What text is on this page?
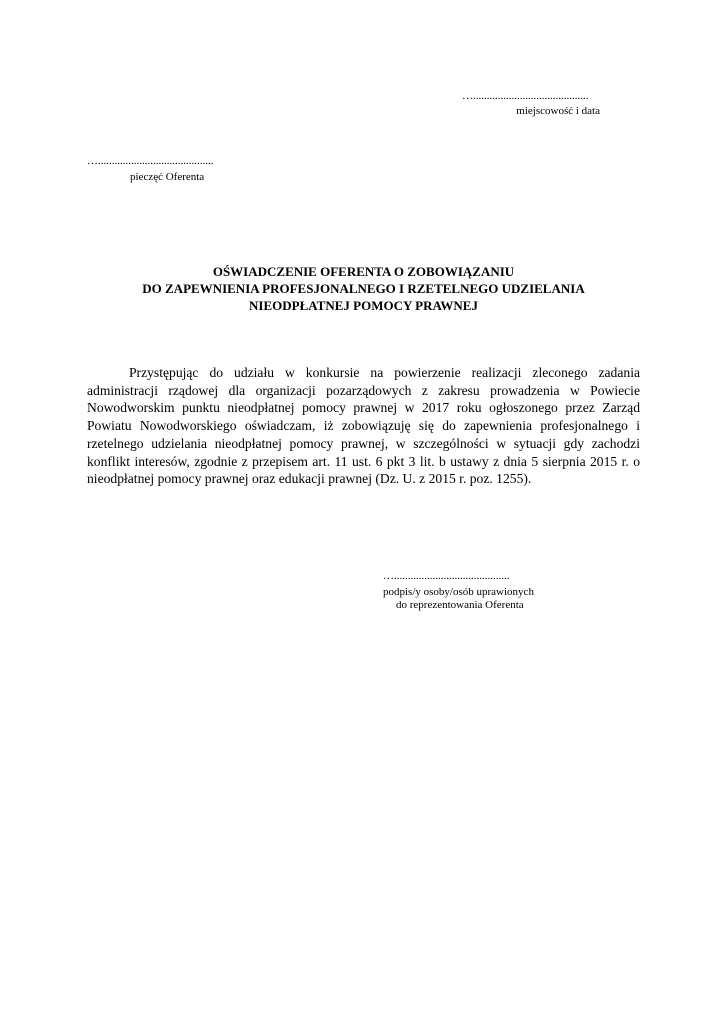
…..........................................
miejscowość i data
…..........................................
pieczęć Oferenta
OŚWIADCZENIE OFERENTA O ZOBOWIĄZANIU
DO ZAPEWNIENIA PROFESJONALNEGO I RZETELNEGO UDZIELANIA
NIEODPŁATNEJ POMOCY PRAWNEJ

Przystępując do udziału w konkursie na powierzenie realizacji zleconego zadania administracji rządowej dla organizacji pozarządowych z zakresu prowadzenia w Powiecie Nowodworskim punktu nieodpłatnej pomocy prawnej w 2017 roku ogłoszonego przez Zarząd Powiatu Nowodworskiego oświadczam, iż zobowiązuję się do zapewnienia profesjonalnego i rzetelnego udzielania nieodpłatnej pomocy prawnej, w szczególności w sytuacji gdy zachodzi konflikt interesów, zgodnie z przepisem art. 11 ust. 6 pkt 3 lit. b ustawy z dnia 5 sierpnia 2015 r. o nieodpłatnej pomocy prawnej oraz edukacji prawnej (Dz. U. z 2015 r. poz. 1255).

…..........................................
podpis/y osoby/osób uprawionych
do reprezentowania Oferenta
